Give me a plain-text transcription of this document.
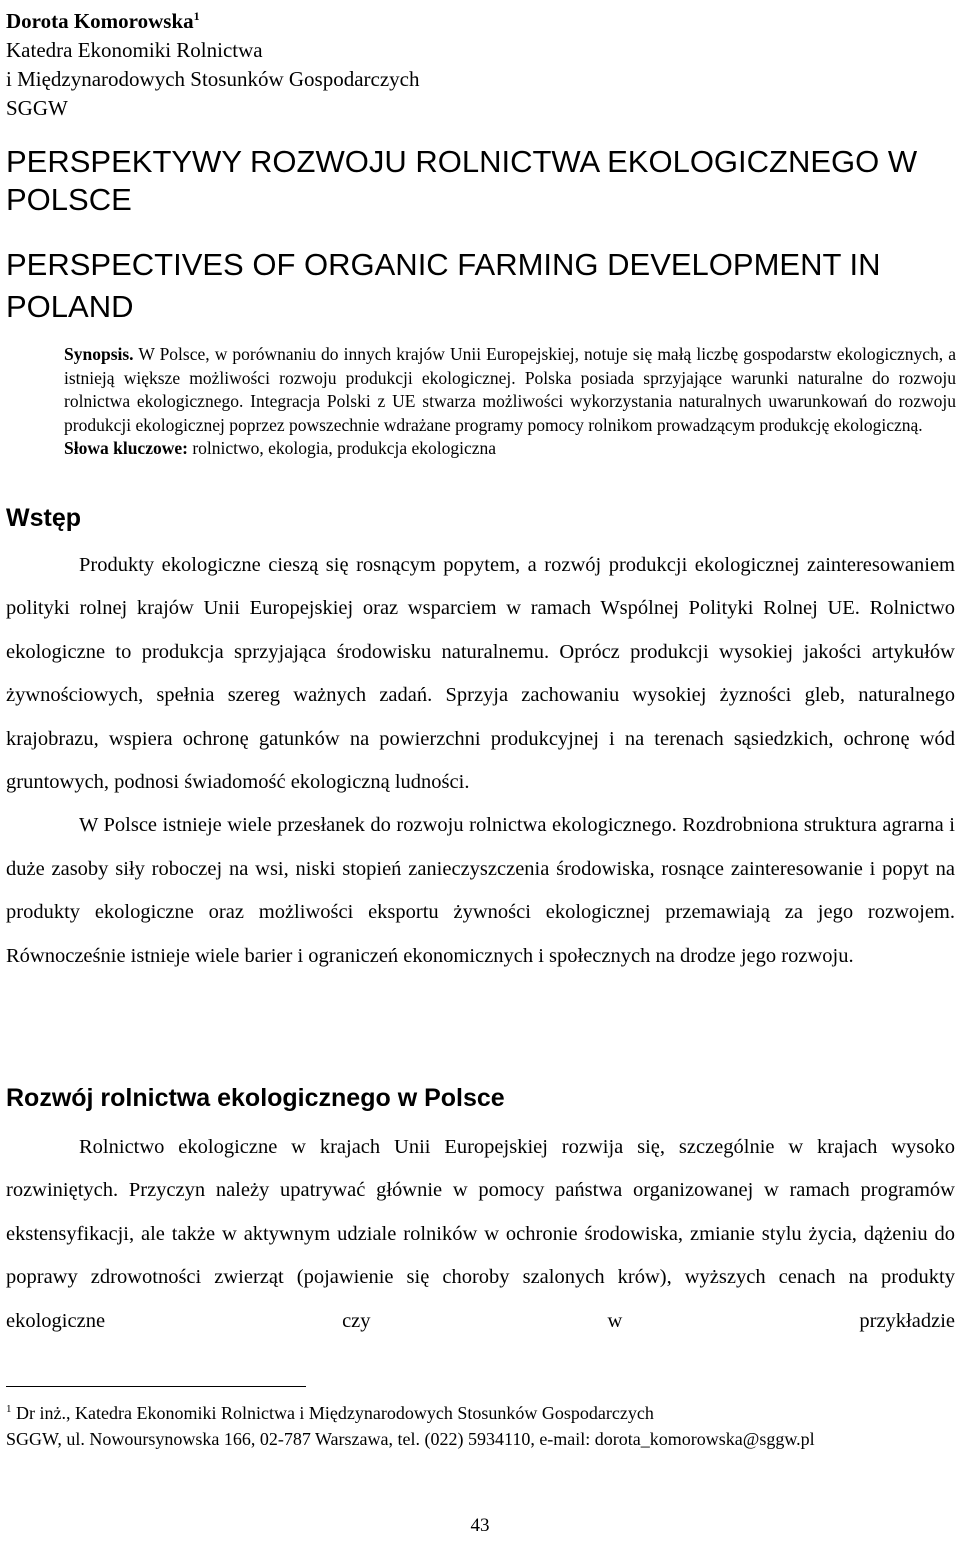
Dorota Komorowska$^1$
Katedra Ekonomiki Rolnictwa
i Międzynarodowych Stosunków Gospodarczych
SGGW
PERSPEKTYWY ROZWOJU ROLNICTWA EKOLOGICZNEGO W POLSCE
PERSPECTIVES OF ORGANIC FARMING DEVELOPMENT IN POLAND
Synopsis. W Polsce, w porównaniu do innych krajów Unii Europejskiej, notuje się małą liczbę gospodarstw ekologicznych, a istnieją większe możliwości rozwoju produkcji ekologicznej. Polska posiada sprzyjające warunki naturalne do rozwoju rolnictwa ekologicznego. Integracja Polski z UE stwarza możliwości wykorzystania naturalnych uwarunkowań do rozwoju produkcji ekologicznej poprzez powszechnie wdrażane programy pomocy rolnikom prowadzącym produkcję ekologiczną.
Słowa kluczowe: rolnictwo, ekologia, produkcja ekologiczna
Wstęp

Produkty ekologiczne cieszą się rosnącym popytem, a rozwój produkcji ekologicznej zainteresowaniem polityki rolnej krajów Unii Europejskiej oraz wsparciem w ramach Wspólnej Polityki Rolnej UE. Rolnictwo ekologiczne to produkcja sprzyjająca środowisku naturalnemu. Oprócz produkcji wysokiej jakości artykułów żywnościowych, spełnia szereg ważnych zadań. Sprzyja zachowaniu wysokiej żyzności gleb, naturalnego krajobrazu, wspiera ochronę gatunków na powierzchni produkcyjnej i na terenach sąsiedzkich, ochronę wód gruntowych, podnosi świadomość ekologiczną ludności.

W Polsce istnieje wiele przesłanek do rozwoju rolnictwa ekologicznego. Rozdrobniona struktura agrarna i duże zasoby siły roboczej na wsi, niski stopień zanieczyszczenia środowiska, rosnące zainteresowanie i popyt na produkty ekologiczne oraz możliwości eksportu żywności ekologicznej przemawiają za jego rozwojem. Równocześnie istnieje wiele barier i ograniczeń ekonomicznych i społecznych na drodze jego rozwoju.

Rozwój rolnictwa ekologicznego w Polsce

Rolnictwo ekologiczne w krajach Unii Europejskiej rozwija się, szczególnie w krajach wysoko rozwiniętych. Przyczyn należy upatrywać głównie w pomocy państwa organizowanej w ramach programów ekstensyfikacji, ale także w aktywnym udziale rolników w ochronie środowiska, zmianie stylu życia, dążeniu do poprawy zdrowotności zwierząt (pojawienie się choroby szalonych krów), wyższych cenach na produkty ekologiczne czy w przykładzie

$^1$ Dr inż., Katedra Ekonomiki Rolnictwa i Międzynarodowych Stosunków Gospodarczych
SGGW, ul. Nowoursynowska 166, 02-787 Warszawa, tel. (022) 5934110, e-mail: dorota_komorowska@sggw.pl
43
